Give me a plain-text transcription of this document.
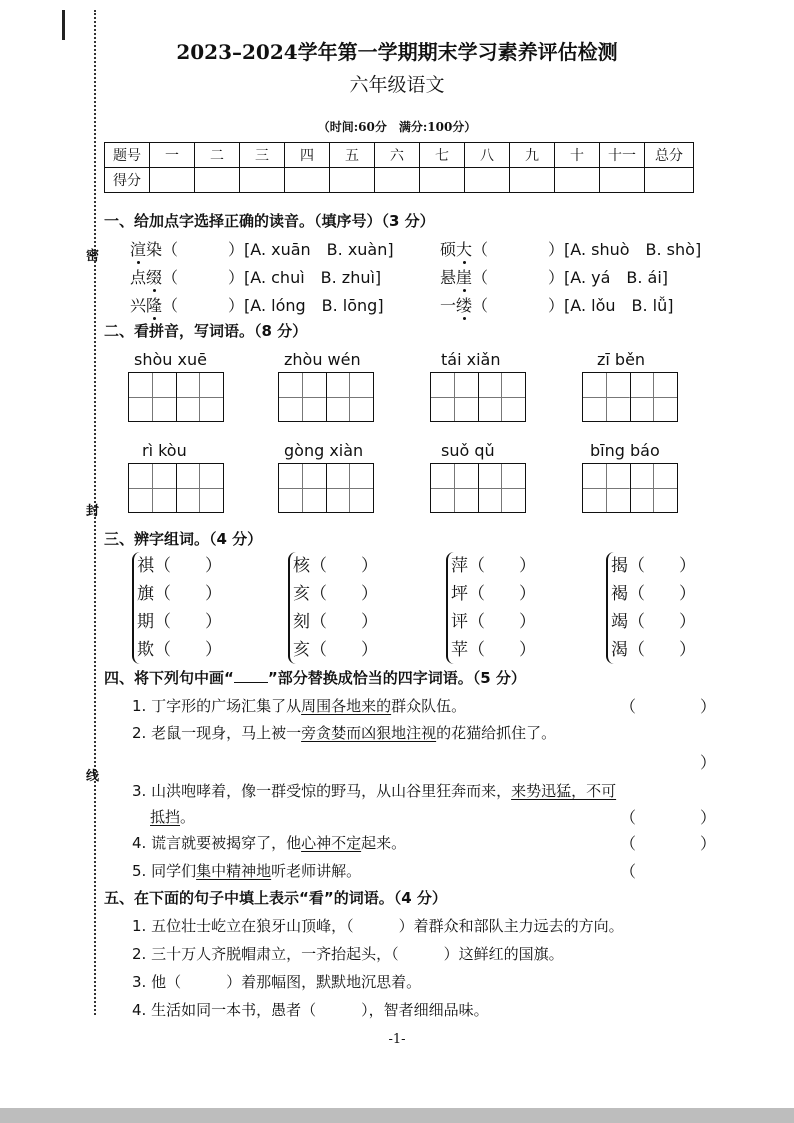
密
封
线
2023–2024学年第一学期期末学习素养评估检测
六年级语文
（时间:60分　满分:100分）
题号	一	二	三	四	五	六	七	八	九	十	十一	总分
得分												
一、给加点字选择正确的读音。（填序号）（3 分）
渲染（	）[A. xuān　B. xuàn]	硕大（	）[A. shuò　B. shò]
点缀（	）[A. chuì　B. zhuì]	悬崖（	）[A. yá　B. ái]
兴隆（	）[A. lóng　B. lōng]	一缕（	）[A. lǒu　B. lǚ]
二、看拼音，写词语。（8 分）
shòu xuē	zhòu wén	tái xiǎn	zī běn
rì kòu	gòng xiàn	suǒ qǔ	bīng báo
三、辨字组词。（4 分）
祺（　　）
旗（　　）
期（　　）
欺（　　）
核（　　）
亥（　　）
刻（　　）
亥（　　）
萍（　　）
坪（　　）
评（　　）
苹（　　）
揭（　　）
褐（　　）
竭（　　）
渴（　　）
四、将下列句中画“ ”部分替换成恰当的四字词语。（5 分）
1. 丁字形的广场汇集了从周围各地来的群众队伍。	（	）
2. 老鼠一现身，马上被一旁贪婪而凶狠地注视的花猫给抓住了。
）
3. 山洪咆哮着，像一群受惊的野马，从山谷里狂奔而来，来势迅猛，不可
抵挡。	（	）
4. 谎言就要被揭穿了，他心神不定起来。	（	）
5. 同学们集中精神地听老师讲解。	（
五、在下面的句子中填上表示“看”的词语。（4 分）
1. 五位壮士屹立在狼牙山顶峰，（　　　）着群众和部队主力远去的方向。
2. 三十万人齐脱帽肃立，一齐抬起头，（　　　）这鲜红的国旗。
3. 他（　　　）着那幅图，默默地沉思着。
4. 生活如同一本书，愚者（　　　），智者细细品味。
-1-
